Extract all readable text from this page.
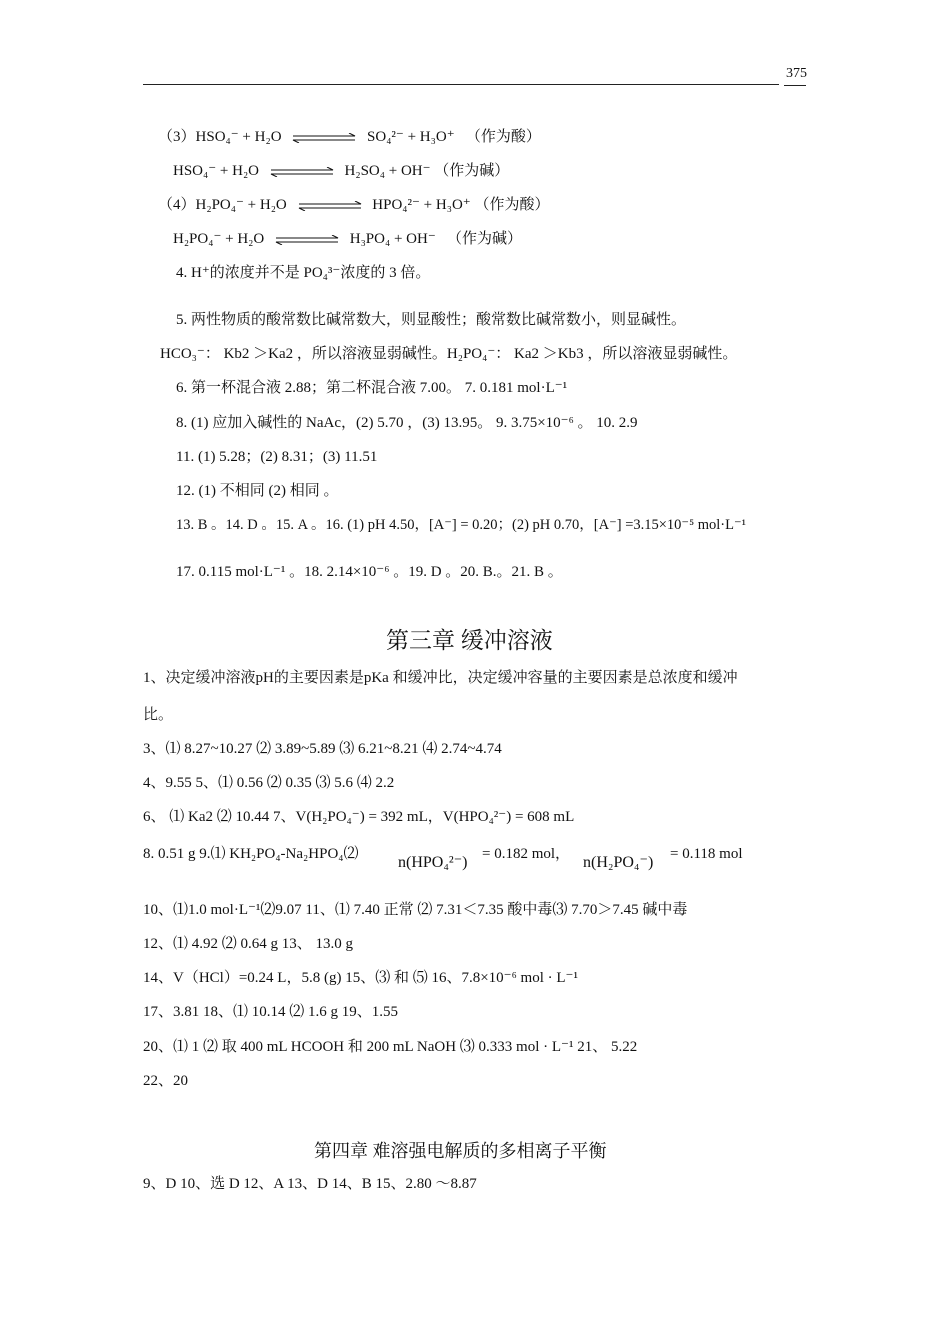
375
（3）HSO₄⁻ + H₂O	SO₄²⁻ + H₃O⁺ （作为酸）
HSO₄⁻ + H₂O	H₂SO₄ + OH⁻ （作为碱）
（4）H₂PO₄⁻ + H₂O	HPO₄²⁻ + H₃O⁺ （作为酸）
H₂PO₄⁻ + H₂O	H₃PO₄ + OH⁻ （作为碱）
4. H⁺的浓度并不是 PO₄³⁻浓度的 3 倍。
5. 两性物质的酸常数比碱常数大，则显酸性；酸常数比碱常数小，则显碱性。
HCO₃⁻： Kb2 ＞Ka2 ，所以溶液显弱碱性。H₂PO₄⁻： Ka2 ＞Kb3 ，所以溶液显弱碱性。
6. 第一杯混合液 2.88；第二杯混合液 7.00。 7. 0.181 mol·L⁻¹
8. (1) 应加入碱性的 NaAc，(2) 5.70 ，(3) 13.95。 9. 3.75×10⁻⁶ 。 10. 2.9
11. (1) 5.28；(2) 8.31；(3) 11.51
12. (1) 不相同 (2) 相同 。
13. B 。14. D 。15. A 。16. (1) pH 4.50，[A⁻] = 0.20；(2) pH 0.70，[A⁻] =3.15×10⁻⁵ mol·L⁻¹
17. 0.115 mol·L⁻¹ 。18. 2.14×10⁻⁶ 。19. D 。20. B.。21. B 。
第三章 缓冲溶液
1、决定缓冲溶液pH的主要因素是pKa 和缓冲比，决定缓冲容量的主要因素是总浓度和缓冲
比。
3、⑴ 8.27~10.27 ⑵ 3.89~5.89 ⑶ 6.21~8.21 ⑷ 2.74~4.74
4、9.55 5、⑴ 0.56 ⑵ 0.35 ⑶ 5.6 ⑷ 2.2
6、 ⑴ Ka2 ⑵ 10.44 7、V(H₂PO₄⁻) = 392 mL，V(HPO₄²⁻) = 608 mL
8. 0.51 g 9.⑴ KH₂PO₄-Na₂HPO₄⑵ n(HPO₄²⁻) = 0.182 mol， n(H₂PO₄⁻) = 0.118 mol
10、⑴1.0 mol·L⁻¹⑵9.07 11、⑴ 7.40 正常 ⑵ 7.31＜7.35 酸中毒⑶ 7.70＞7.45 碱中毒
12、⑴ 4.92 ⑵ 0.64 g 13、 13.0 g
14、V（HCl）=0.24 L，5.8 (g) 15、⑶ 和 ⑸ 16、7.8×10⁻⁶ mol · L⁻¹
17、3.81 18、⑴ 10.14 ⑵ 1.6 g 19、1.55
20、⑴ 1 ⑵ 取 400 mL HCOOH 和 200 mL NaOH ⑶ 0.333 mol · L⁻¹ 21、 5.22
22、20
第四章 难溶强电解质的多相离子平衡
9、D 10、选 D 12、A 13、D 14、B 15、2.80 ～8.87
